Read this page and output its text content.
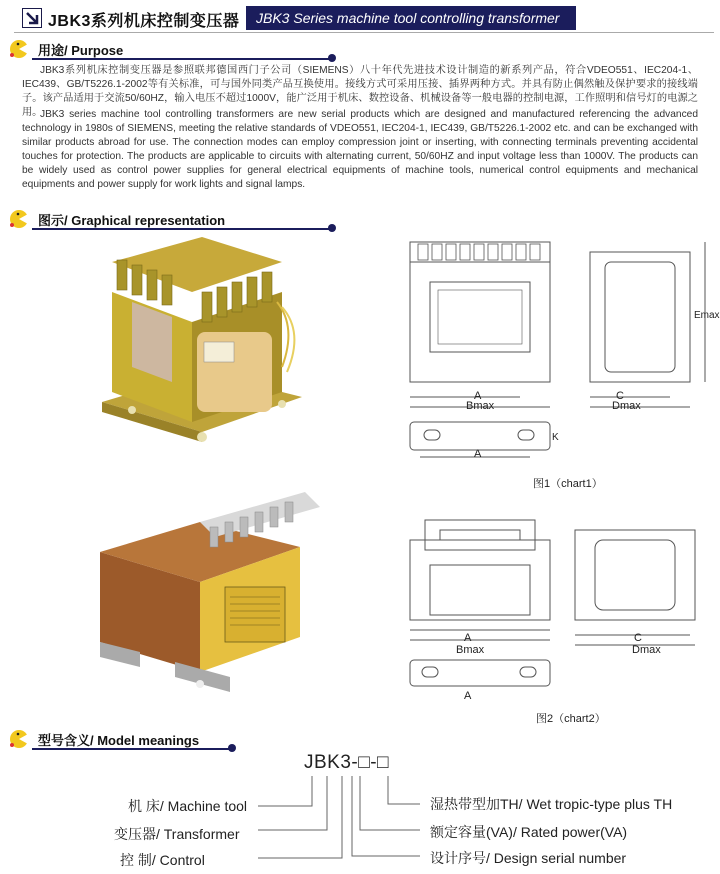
JBK3系列机床控制变压器	JBK3 Series machine tool controlling transformer
用途/ Purpose
JBK3系列机床控制变压器是参照联邦德国西门子公司（SIEMENS）八十年代先进技术设计制造的新系列产品，符合VDEO551、IEC204-1、IEC439、GB/T5226.1-2002等有关标准，可与国外同类产品互换使用。接线方式可采用压接、插界两种方式。并具有防止偶然触及保护要求的接线端子。该产品适用于交流50/60HZ，输入电压不超过1000V，能广泛用于机床、数控设备、机械设备等一般电器的控制电源，工作照明和信号灯的电源之用。
JBK3 series machine tool controlling transformers are new serial products which are designed and manufactured referencing the advanced technology in 1980s of SIEMENS, meeting the relative standards of VDEO551, IEC204-1, IEC439, GB/T5226.1-2002 etc. and can be exchanged with similar products abroad for use. The connection modes can employ compression joint or inserting, with connecting terminals preventing accidental touches for protection. The products are applicable to circuits with alternating current, 50/60HZ and input voltage less than 1000V. The products can be widely used as control power supplies for general electrical equipments of machine tools, numerical control equipments and mechanical equipments and power supply for work lights and signal lamps.
图示/ Graphical representation
A
Bmax
C
Dmax
Emax
A
K
图1（chart1）
A
Bmax
C
Dmax
A
图2（chart2）
型号含义/ Model meanings
JBK3-□-□
机 床/ Machine tool
变压器/ Transformer
控 制/ Control
湿热带型加TH/ Wet tropic-type plus TH
额定容量(VA)/ Rated power(VA)
设计序号/ Design serial number
